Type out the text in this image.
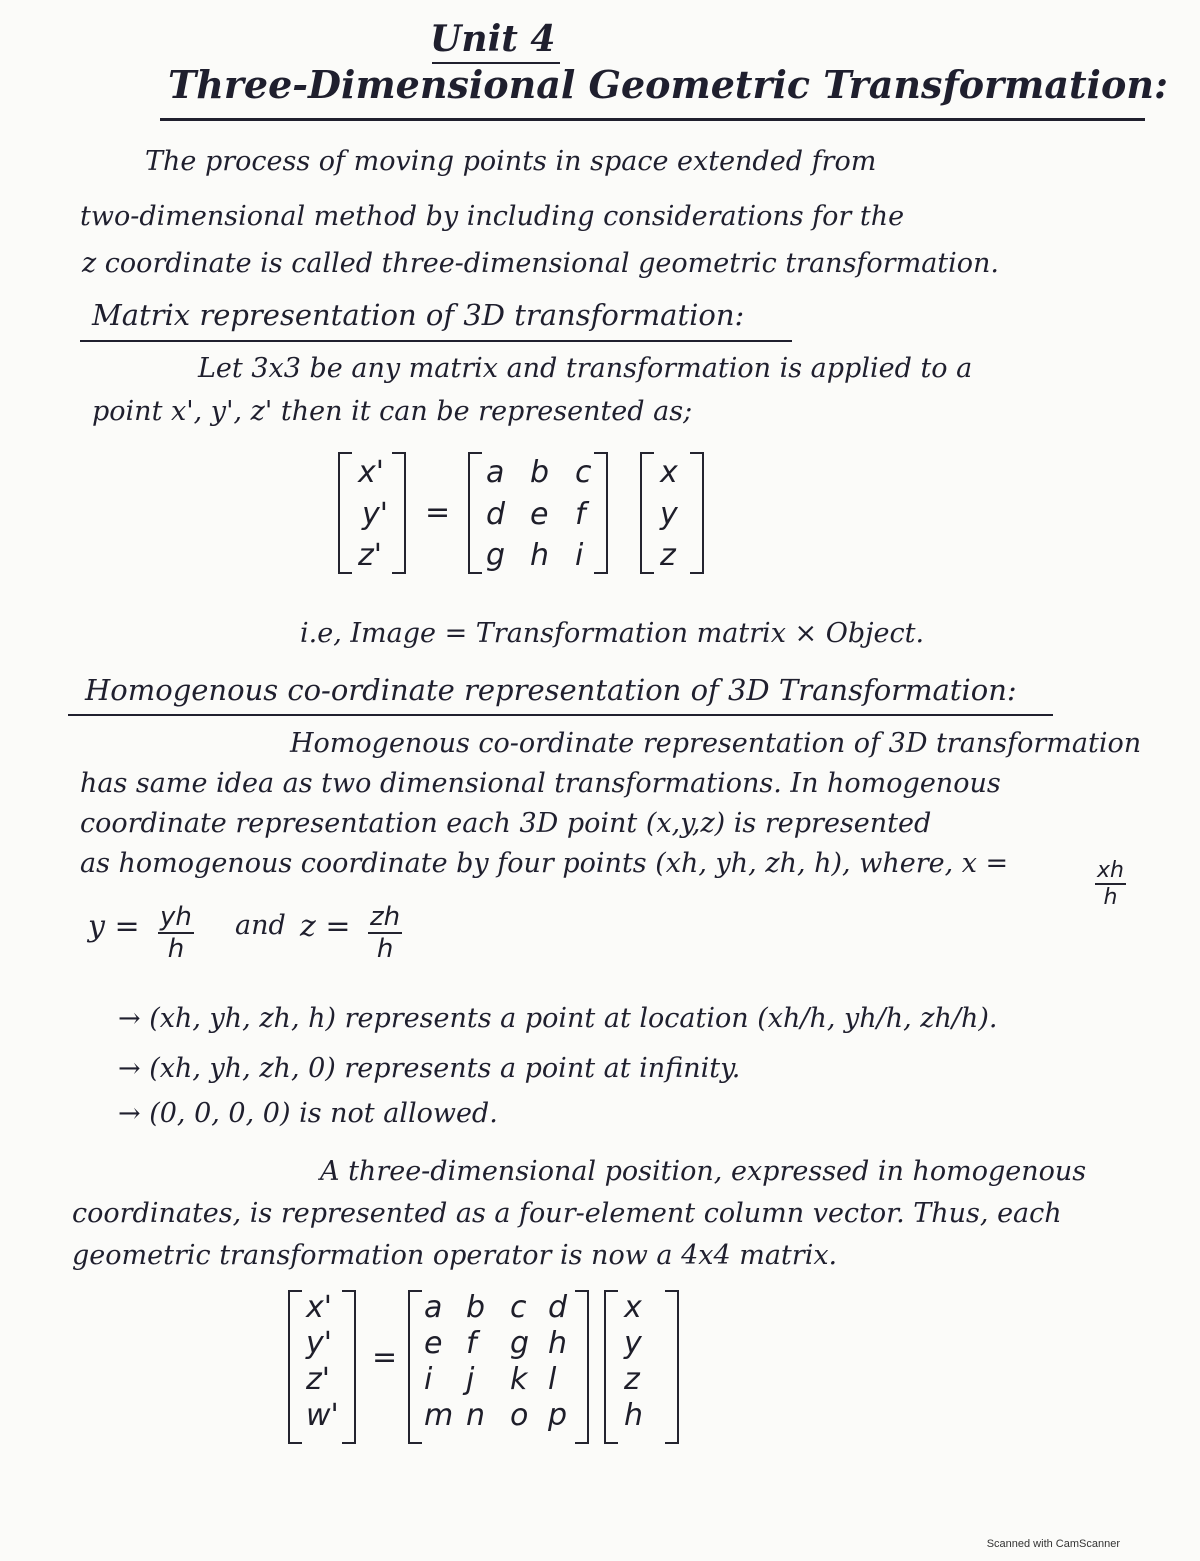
Unit 4
Three-Dimensional Geometric Transformation:
The process of moving points in space extended from
two-dimensional method by including considerations for the
z coordinate is called three-dimensional geometric transformation.
Matrix representation of 3D transformation:
Let 3x3 be any matrix and transformation is applied to a
point x', y', z' then it can be represented as;
x'
y'
z'
=
a b c
d e f
g h i
x
y
z
i.e, Image = Transformation matrix × Object.
Homogenous co-ordinate representation of 3D Transformation:
Homogenous co-ordinate representation of 3D transformation
has same idea as two dimensional transformations. In homogenous
coordinate representation each 3D point (x,y,z) is represented
as homogenous coordinate by four points (xh, yh, zh, h), where, x =	$\frac{xh}{h}$
$y = \frac{yh}{h}$ and $z = \frac{zh}{h}$
→ (xh, yh, zh, h) represents a point at location (xh/h, yh/h, zh/h).
→ (xh, yh, zh, 0) represents a point at infinity.
→ (0, 0, 0, 0) is not allowed.
A three-dimensional position, expressed in homogenous
coordinates, is represented as a four-element column vector. Thus, each
geometric transformation operator is now a 4x4 matrix.
x'
y'
z'
w'
=
a b c d
e f g h
i j k l
m n o p
x
y
z
h
Scanned with CamScanner
